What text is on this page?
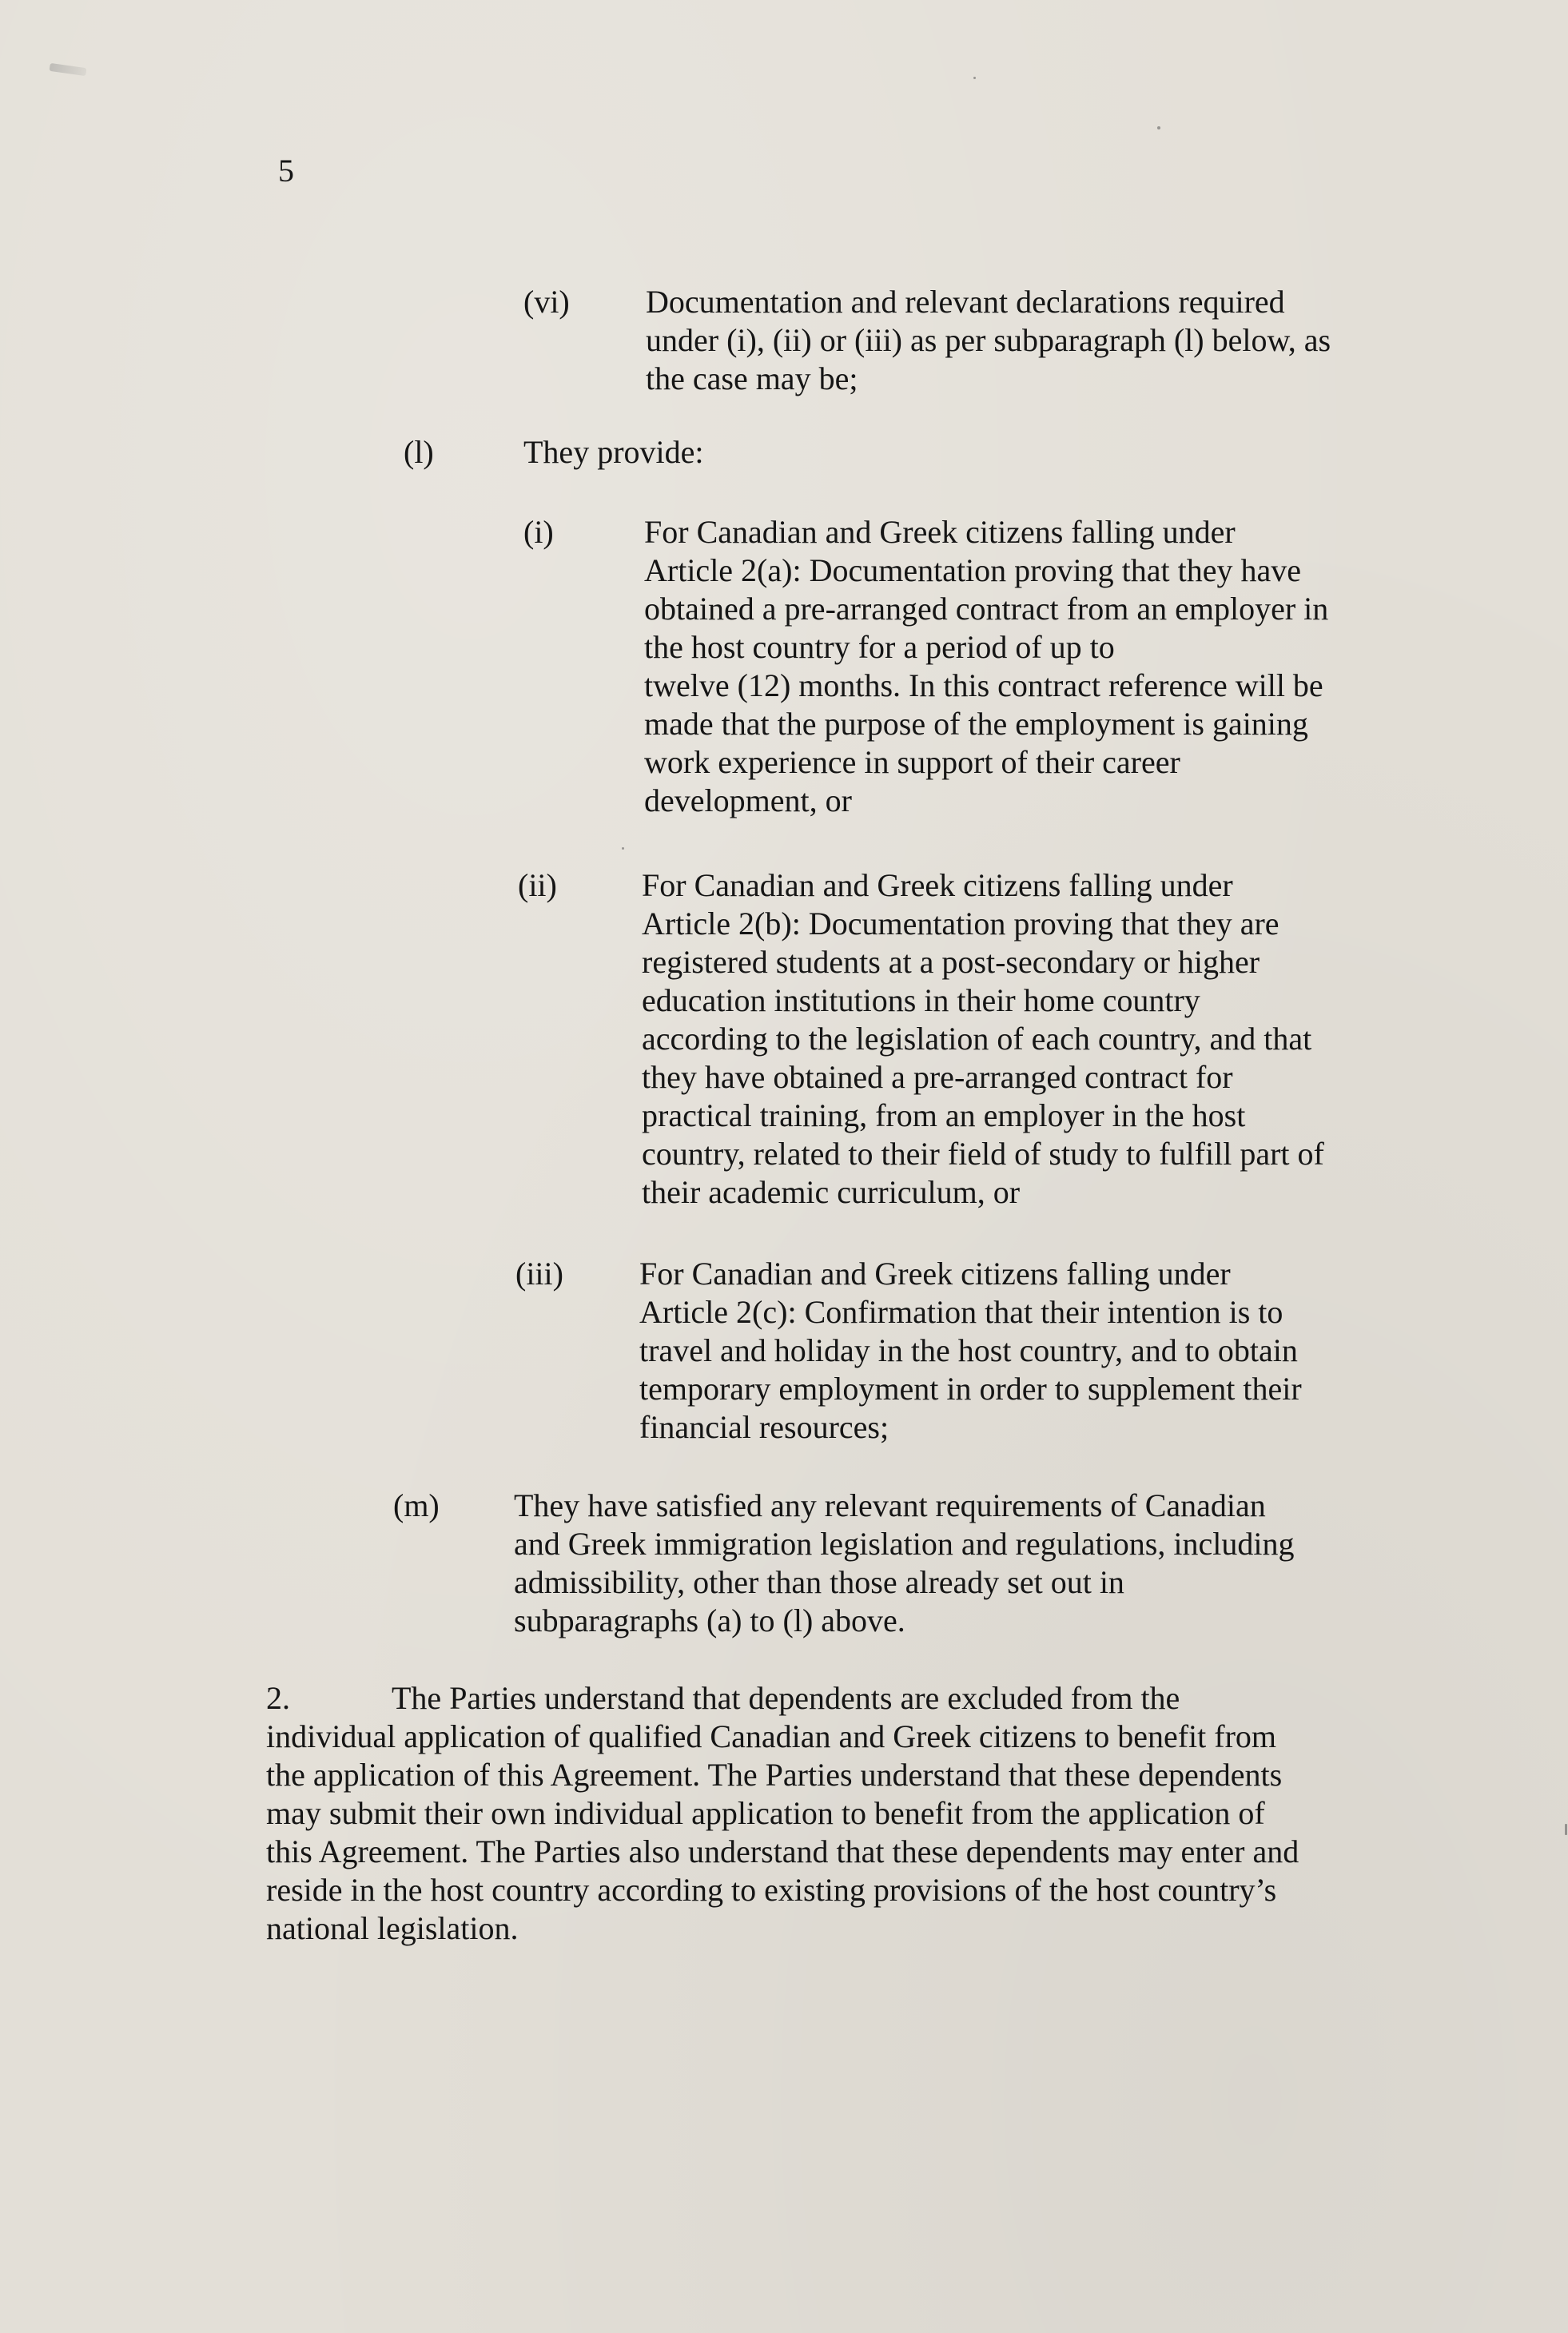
5
(vi) Documentation and relevant declarations required
under (i), (ii) or (iii) as per subparagraph (l) below, as
the case may be;
(l)	They provide:
(i)	For Canadian and Greek citizens falling under
Article 2(a): Documentation proving that they have
obtained a pre-arranged contract from an employer in
the host country for a period of up to
twelve (12) months. In this contract reference will be
made that the purpose of the employment is gaining
work experience in support of their career
development, or
(ii)	For Canadian and Greek citizens falling under
Article 2(b): Documentation proving that they are
registered students at a post-secondary or higher
education institutions in their home country
according to the legislation of each country, and that
they have obtained a pre-arranged contract for
practical training, from an employer in the host
country, related to their field of study to fulfill part of
their academic curriculum, or
(iii) For Canadian and Greek citizens falling under
Article 2(c): Confirmation that their intention is to
travel and holiday in the host country, and to obtain
temporary employment in order to supplement their
financial resources;
(m) They have satisfied any relevant requirements of Canadian
and Greek immigration legislation and regulations, including
admissibility, other than those already set out in
subparagraphs (a) to (l) above.
2.	The Parties understand that dependents are excluded from the
individual application of qualified Canadian and Greek citizens to benefit from
the application of this Agreement. The Parties understand that these dependents
may submit their own individual application to benefit from the application of
this Agreement. The Parties also understand that these dependents may enter and
reside in the host country according to existing provisions of the host country’s
national legislation.
